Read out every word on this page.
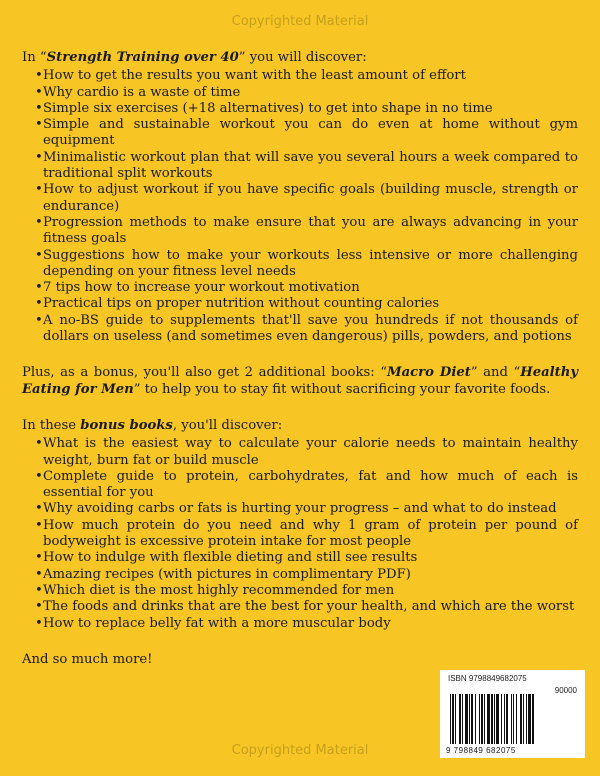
Copyrighted Material
In “Strength Training over 40” you will discover:
• How to get the results you want with the least amount of effort
• Why cardio is a waste of time
• Simple six exercises (+18 alternatives) to get into shape in no time
• Simple and sustainable workout you can do even at home without gym equipment
• Minimalistic workout plan that will save you several hours a week compared to traditional split workouts
• How to adjust workout if you have specific goals (building muscle, strength or endurance)
• Progression methods to make ensure that you are always advancing in your fitness goals
• Suggestions how to make your workouts less intensive or more challenging depending on your fitness level needs
• 7 tips how to increase your workout motivation
• Practical tips on proper nutrition without counting calories
• A no-BS guide to supplements that'll save you hundreds if not thousands of dollars on useless (and sometimes even dangerous) pills, powders, and potions

Plus, as a bonus, you'll also get 2 additional books: “Macro Diet” and “Healthy Eating for Men” to help you to stay fit without sacrificing your favorite foods.

In these bonus books, you'll discover:
• What is the easiest way to calculate your calorie needs to maintain healthy weight, burn fat or build muscle
• Complete guide to protein, carbohydrates, fat and how much of each is essential for you
• Why avoiding carbs or fats is hurting your progress – and what to do instead
• How much protein do you need and why 1 gram of protein per pound of bodyweight is excessive protein intake for most people
• How to indulge with flexible dieting and still see results
• Amazing recipes (with pictures in complimentary PDF)
• Which diet is the most highly recommended for men
• The foods and drinks that are the best for your health, and which are the worst
• How to replace belly fat with a more muscular body

And so much more!

ISBN 9798849682075
90000
9 798849 682075
Copyrighted Material
